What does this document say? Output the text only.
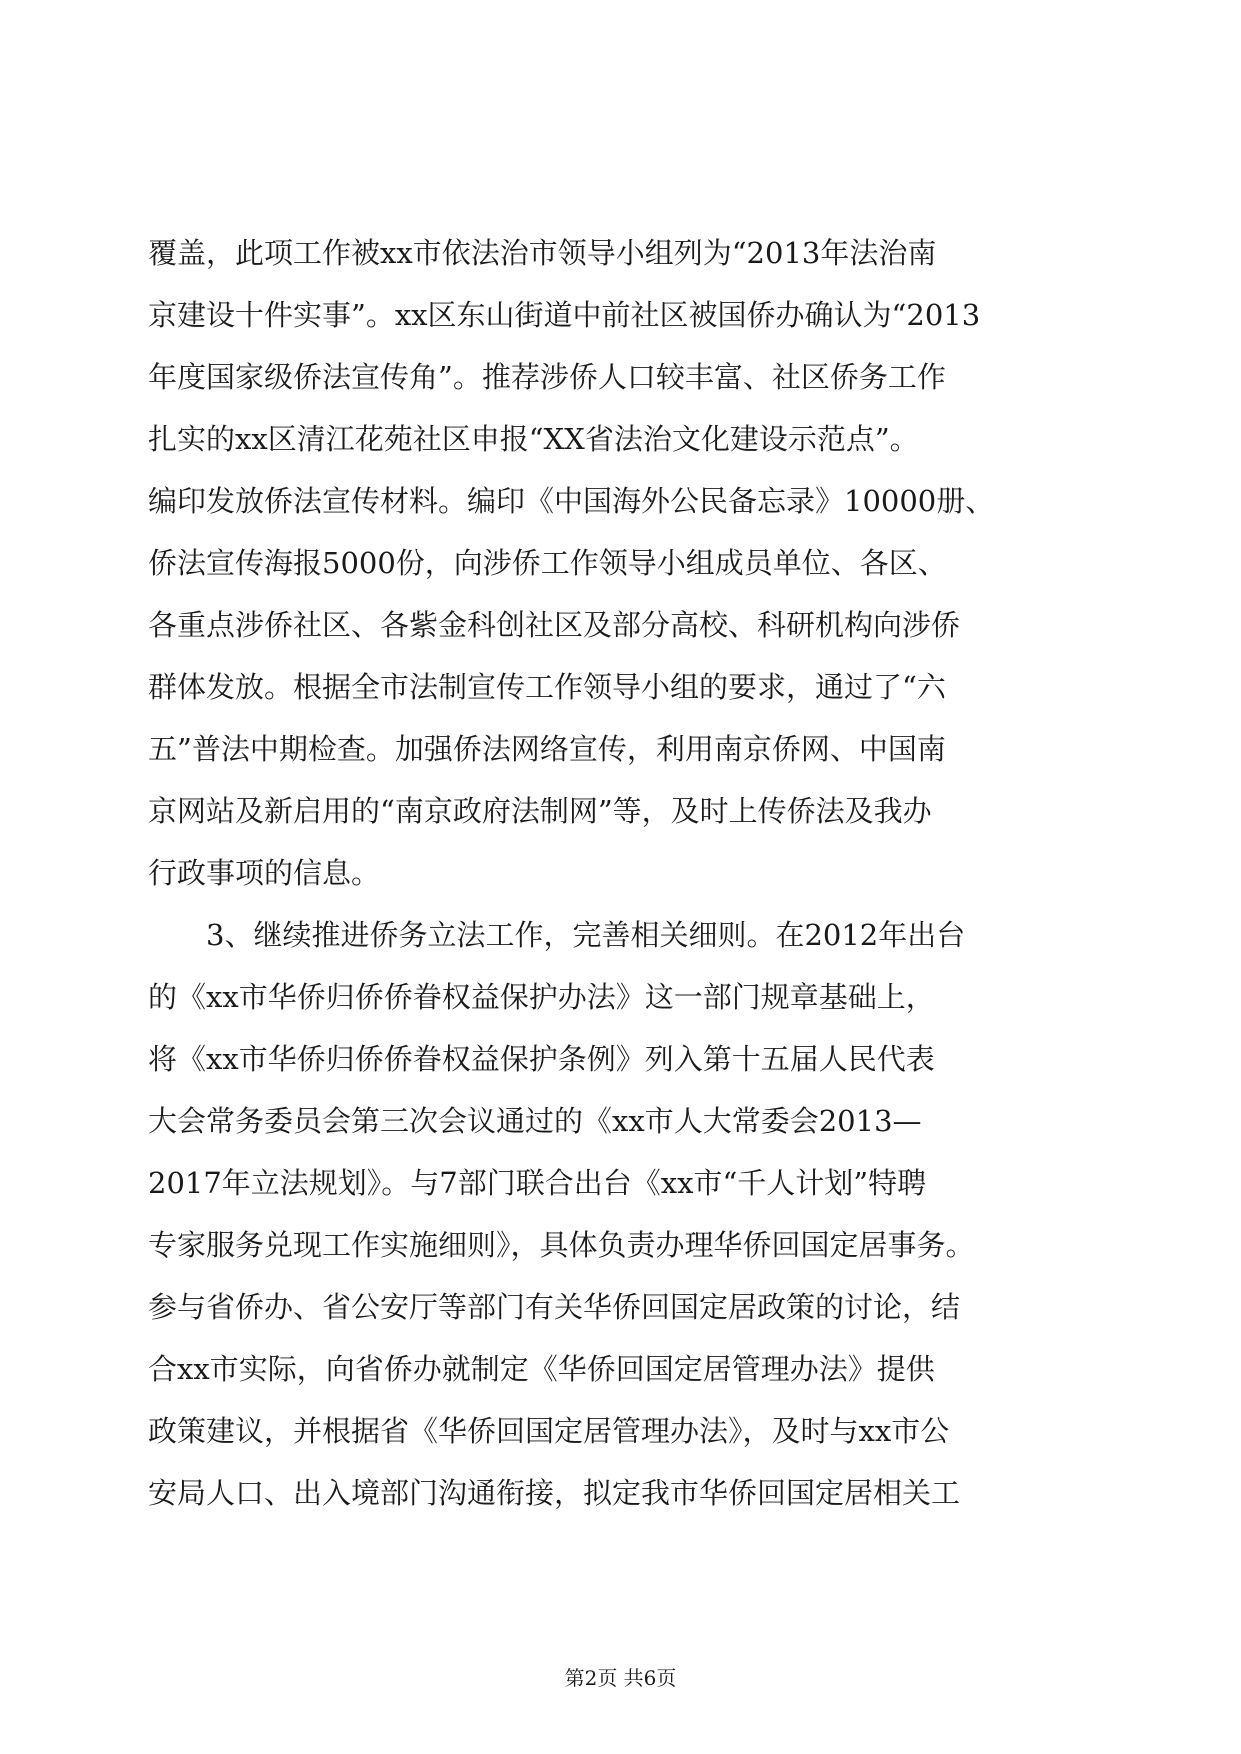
覆盖，此项工作被xx市依法治市领导小组列为“2013年法治南
京建设十件实事”。xx区东山街道中前社区被国侨办确认为“2013
年度国家级侨法宣传角”。推荐涉侨人口较丰富、社区侨务工作
扎实的xx区清江花苑社区申报“XX省法治文化建设示范点”。
编印发放侨法宣传材料。编印《中国海外公民备忘录》10000册、
侨法宣传海报5000份，向涉侨工作领导小组成员单位、各区、
各重点涉侨社区、各紫金科创社区及部分高校、科研机构向涉侨
群体发放。根据全市法制宣传工作领导小组的要求，通过了“六
五”普法中期检查。加强侨法网络宣传，利用南京侨网、中国南
京网站及新启用的“南京政府法制网”等，及时上传侨法及我办
行政事项的信息。
3、继续推进侨务立法工作，完善相关细则。在2012年出台
的《xx市华侨归侨侨眷权益保护办法》这一部门规章基础上，
将《xx市华侨归侨侨眷权益保护条例》列入第十五届人民代表
大会常务委员会第三次会议通过的《xx市人大常委会2013—
2017年立法规划》。与7部门联合出台《xx市“千人计划”特聘
专家服务兑现工作实施细则》，具体负责办理华侨回国定居事务。
参与省侨办、省公安厅等部门有关华侨回国定居政策的讨论，结
合xx市实际，向省侨办就制定《华侨回国定居管理办法》提供
政策建议，并根据省《华侨回国定居管理办法》，及时与xx市公
安局人口、出入境部门沟通衔接，拟定我市华侨回国定居相关工
第2页 共6页
